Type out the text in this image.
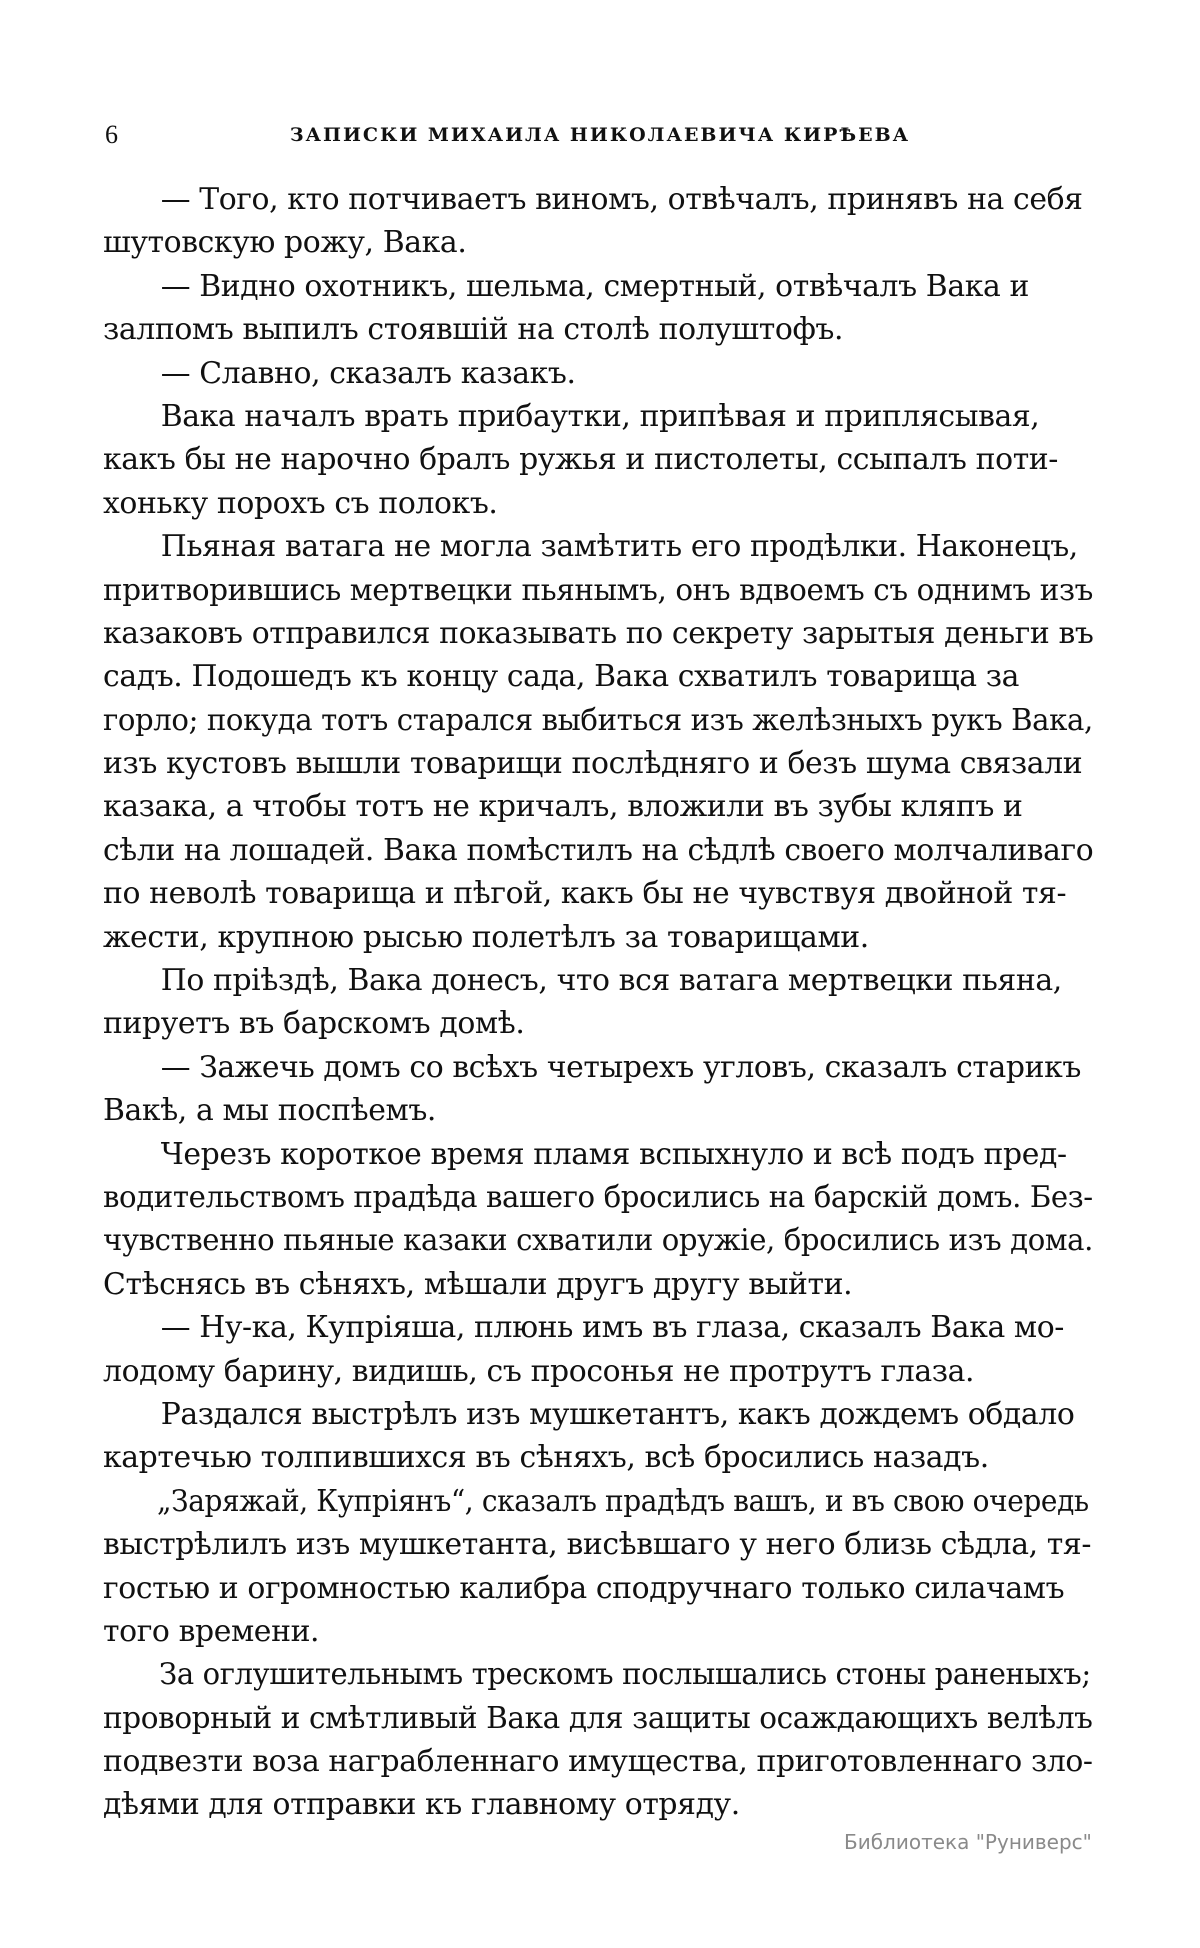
6	ЗАПИСКИ МИХАИЛА НИКОЛАЕВИЧА КИРѢЕВА
— Того, кто потчиваетъ виномъ, отвѣчалъ, принявъ на себя
шутовскую рожу, Вака.
— Видно охотникъ, шельма, смертный, отвѣчалъ Вака и
залпомъ выпилъ стоявшій на столѣ полуштофъ.
— Славно, сказалъ казакъ.
Вака началъ врать прибаутки, припѣвая и приплясывая,
какъ бы не нарочно бралъ ружья и пистолеты, ссыпалъ поти-
хоньку порохъ съ полокъ.
Пьяная ватага не могла замѣтить его продѣлки. Наконецъ,
притворившись мертвецки пьянымъ, онъ вдвоемъ съ однимъ изъ
казаковъ отправился показывать по секрету зарытыя деньги въ
садъ. Подошедъ къ концу сада, Вака схватилъ товарища за
горло; покуда тотъ старался выбиться изъ желѣзныхъ рукъ Вака,
изъ кустовъ вышли товарищи послѣдняго и безъ шума связали
казака, а чтобы тотъ не кричалъ, вложили въ зубы кляпъ и
сѣли на лошадей. Вака помѣстилъ на сѣдлѣ своего молчаливаго
по неволѣ товарища и пѣгой, какъ бы не чувствуя двойной тя-
жести, крупною рысью полетѣлъ за товарищами.
По пріѣздѣ, Вака донесъ, что вся ватага мертвецки пьяна,
пируетъ въ барскомъ домѣ.
— Зажечь домъ со всѣхъ четырехъ угловъ, сказалъ старикъ
Вакѣ, а мы поспѣемъ.
Черезъ короткое время пламя вспыхнуло и всѣ подъ пред-
водительствомъ прадѣда вашего бросились на барскій домъ. Без-
чувственно пьяные казаки схватили оружіе, бросились изъ дома.
Стѣснясь въ сѣняхъ, мѣшали другъ другу выйти.
— Ну-ка, Купріяша, плюнь имъ въ глаза, сказалъ Вака мо-
лодому барину, видишь, съ просонья не протрутъ глаза.
Раздался выстрѣлъ изъ мушкетантъ, какъ дождемъ обдало
картечью толпившихся въ сѣняхъ, всѣ бросились назадъ.
„Заряжай, Купріянъ“, сказалъ прадѣдъ вашъ, и въ свою очередь
выстрѣлилъ изъ мушкетанта, висѣвшаго у него близь сѣдла, тя-
гостью и огромностью калибра сподручнаго только силачамъ
того времени.
За оглушительнымъ трескомъ послышались стоны раненыхъ;
проворный и смѣтливый Вака для защиты осаждающихъ велѣлъ
подвезти воза награбленнаго имущества, приготовленнаго зло-
дѣями для отправки къ главному отряду.
Библиотека "Руниверс"
